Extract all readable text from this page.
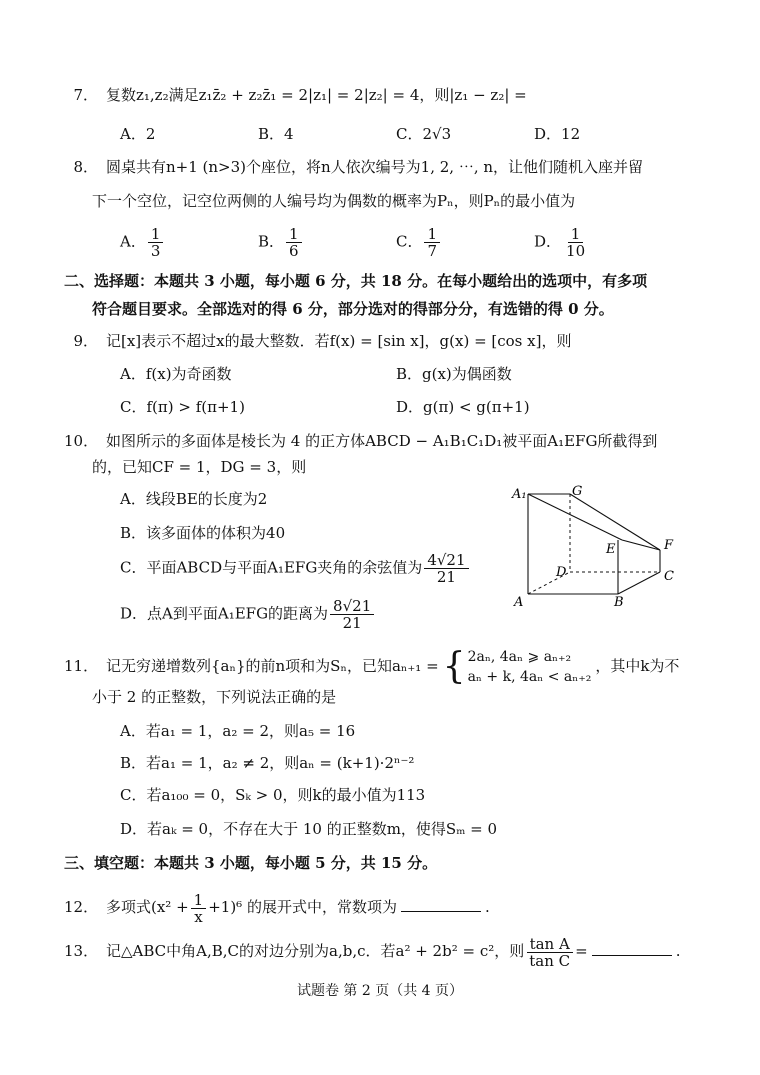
7． 复数z₁,z₂满足z₁z̄₂ + z₂z̄₁ = 2|z₁| = 2|z₂| = 4，则|z₁ − z₂| =
A．2	B．4	C．2√3	D．12
8． 圆桌共有n+1 (n>3)个座位，将n人依次编号为1, 2, ⋯, n，让他们随机入座并留
下一个空位，记空位两侧的人编号均为偶数的概率为Pₙ，则Pₙ的最小值为
A． $\frac{1}{3}$	B． $\frac{1}{6}$	C． $\frac{1}{7}$	D． $\frac{1}{10}$
二、选择题：本题共 3 小题，每小题 6 分，共 18 分。在每小题给出的选项中，有多项
符合题目要求。全部选对的得 6 分，部分选对的得部分分，有选错的得 0 分。
9． 记[x]表示不超过x的最大整数．若f(x) = [sin x]，g(x) = [cos x]，则
A．f(x)为奇函数	B．g(x)为偶函数
C．f(π) > f(π+1)	D．g(π) < g(π+1)
10． 如图所示的多面体是棱长为 4 的正方体ABCD − A₁B₁C₁D₁被平面A₁EFG所截得到
的，已知CF = 1，DG = 3，则
A．线段BE的长度为2
B．该多面体的体积为40
C．平面ABCD与平面A₁EFG夹角的余弦值为 $\frac{4√21}{21}$
D．点A到平面A₁EFG的距离为 $\frac{8√21}{21}$
A₁	G
E	F
D	C
A	B
11． 记无穷递增数列{aₙ}的前n项和为Sₙ，已知aₙ₊₁ = { 2aₙ, 4aₙ ⩾ aₙ₊₂
aₙ + k, 4aₙ < aₙ₊₂
，其中k为不
小于 2 的正整数，下列说法正确的是
A．若a₁ = 1，a₂ = 2，则a₅ = 16
B．若a₁ = 1，a₂ ≠ 2，则aₙ = (k+1)·2ⁿ⁻²
C．若a₁₀₀ = 0，Sₖ > 0，则k的最小值为113
D．若aₖ = 0，不存在大于 10 的正整数m，使得Sₘ = 0
三、填空题：本题共 3 小题，每小题 5 分，共 15 分。
12． 多项式$(x^2 + \frac{1}{x} +1)^6$ 的展开式中，常数项为	.
13． 记△ABC中角A,B,C的对边分别为a,b,c．若a² + 2b² = c²，则 $\frac{\text{tan A}}{\text{tan C}}$ =	.
试题卷 第 2 页（共 4 页）
